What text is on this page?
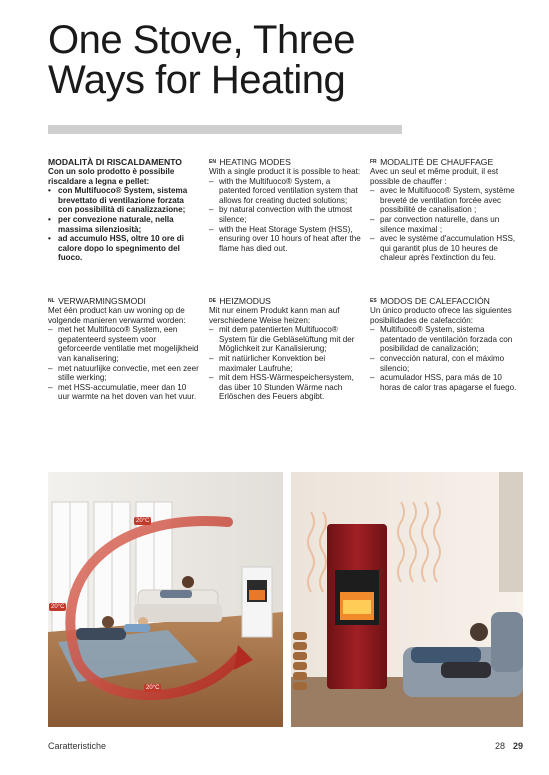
One Stove, Three
Ways for Heating
MODALITÀ DI RISCALDAMENTO

Con un solo prodotto è possibile riscaldare a legna e pellet:

• con Multifuoco® System, sistema brevettato di ventilazione forzata con possibilità di canalizzazione;
• per convezione naturale, nella massima silenziosità;
• ad accumulo HSS, oltre 10 ore di calore dopo lo spegnimento del fuoco.
$^{EN}$ HEATING MODES

With a single product it is possible to heat:

– with the Multifuoco® System, a patented forced ventilation system that allows for creating ducted solutions;
– by natural convection with the utmost silence;
– with the Heat Storage System (HSS), ensuring over 10 hours of heat after the flame has died out.
$^{FR}$ MODALITÉ DE CHAUFFAGE

Avec un seul et même produit, il est possible de chauffer :

– avec le Multifuoco® System, système breveté de ventilation forcée avec possibilité de canalisation ;
– par convection naturelle, dans un silence maximal ;
– avec le système d'accumulation HSS, qui garantit plus de 10 heures de chaleur après l'extinction du feu.
$^{NL}$ VERWARMINGSMODI

Met één product kan uw woning op de volgende manieren verwarmd worden:

– met het Multifuoco® System, een gepatenteerd systeem voor geforceerde ventilatie met mogelijkheid van kanalisering;
– met natuurlijke convectie, met een zeer stille werking;
– met HSS-accumulatie, meer dan 10 uur warmte na het doven van het vuur.
$^{DE}$ HEIZMODUS

Mit nur einem Produkt kann man auf verschiedene Weise heizen:

– mit dem patentierten Multifuoco® System für die Gebläselüftung mit der Möglichkeit zur Kanalisierung;
– mit natürlicher Konvektion bei maximaler Laufruhe;
– mit dem HSS-Wärmespeichersystem, das über 10 Stunden Wärme nach Erlöschen des Feuers abgibt.
$^{ES}$ MODOS DE CALEFACCIÓN

Un único producto ofrece las siguientes posibilidades de calefacción:

– Multifuoco® System, sistema patentado de ventilación forzada con posibilidad de canalización;
– convección natural, con el máximo silencio;
– acumulador HSS, para más de 10 horas de calor tras apagarse el fuego.
20°C
20°C
20°C
Caratteristiche	28 29
